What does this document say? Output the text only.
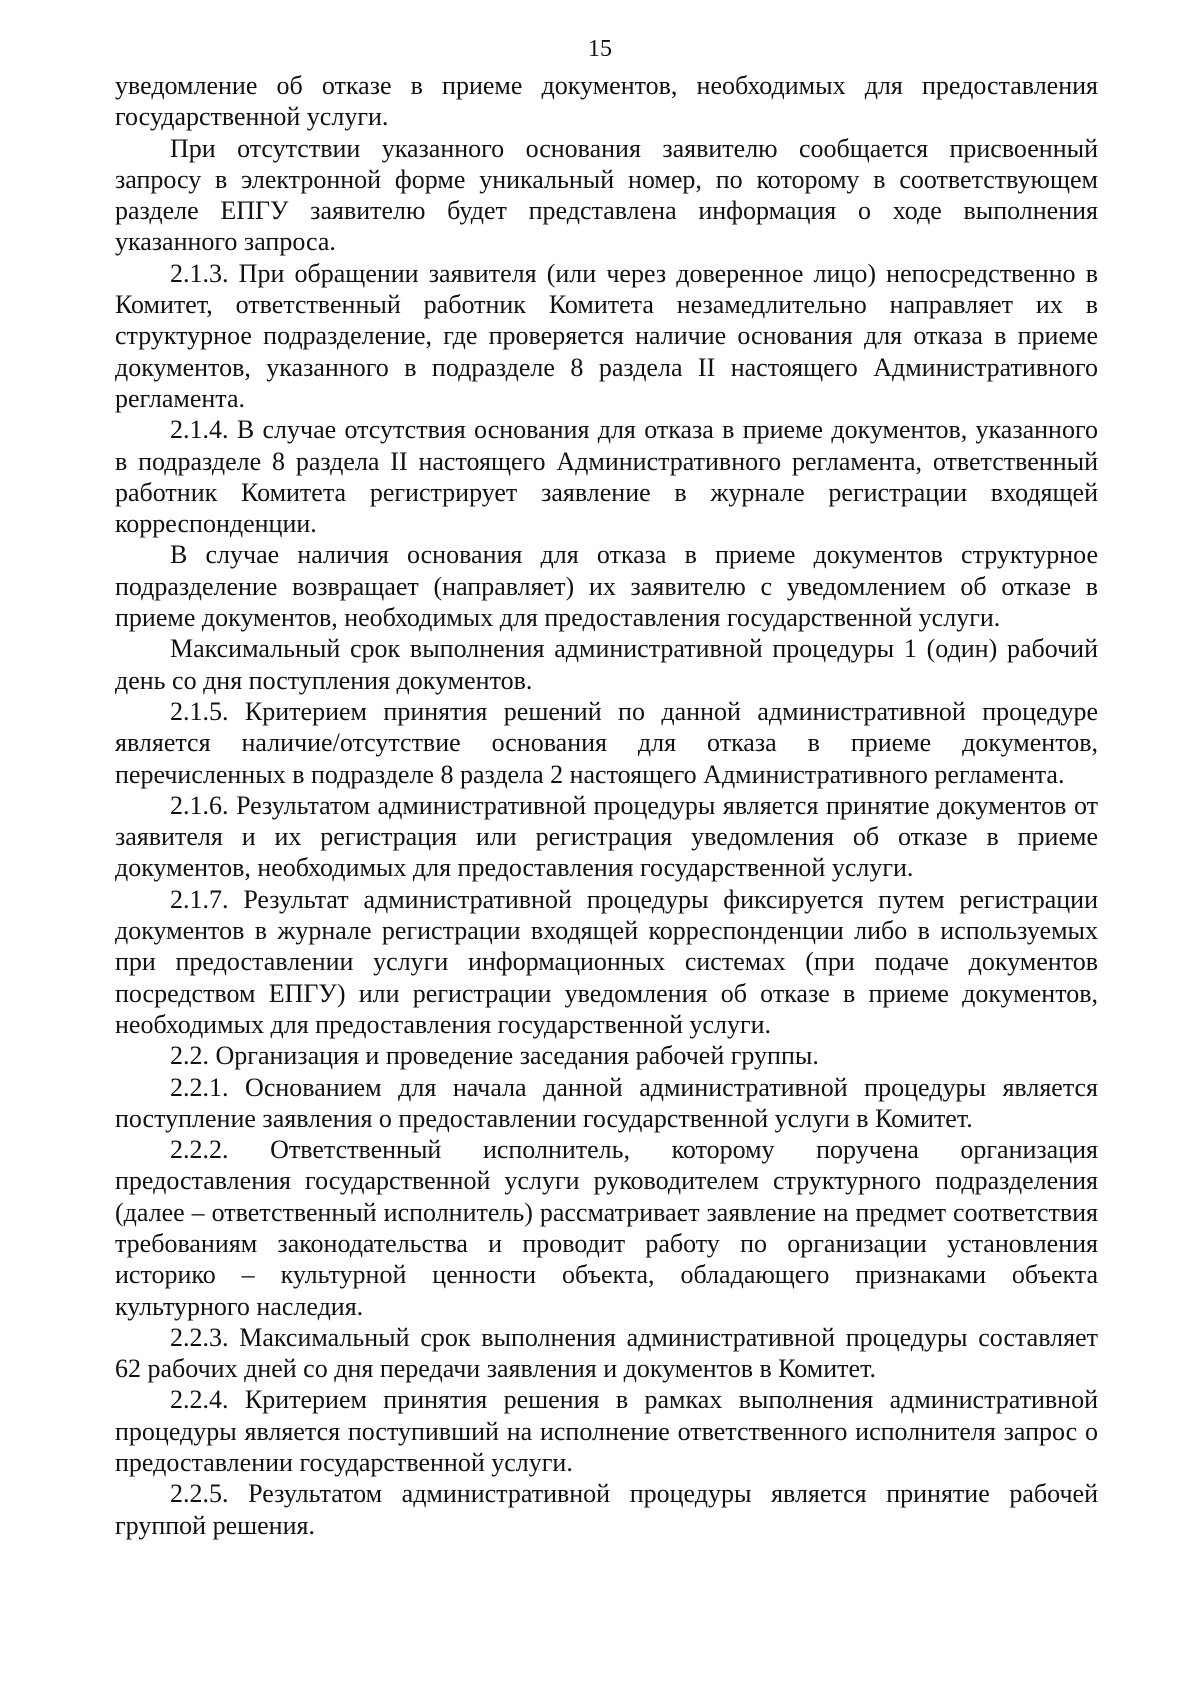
15

уведомление об отказе в приеме документов, необходимых для предоставления государственной услуги.

При отсутствии указанного основания заявителю сообщается присвоенный запросу в электронной форме уникальный номер, по которому в соответствующем разделе ЕПГУ заявителю будет представлена информация о ходе выполнения указанного запроса.

2.1.3. При обращении заявителя (или через доверенное лицо) непосредственно в Комитет, ответственный работник Комитета незамедлительно направляет их в структурное подразделение, где проверяется наличие основания для отказа в приеме документов, указанного в подразделе 8 раздела II настоящего Административного регламента.

2.1.4. В случае отсутствия основания для отказа в приеме документов, указанного в подразделе 8 раздела II настоящего Административного регламента, ответственный работник Комитета регистрирует заявление в журнале регистрации входящей корреспонденции.

В случае наличия основания для отказа в приеме документов структурное подразделение возвращает (направляет) их заявителю с уведомлением об отказе в приеме документов, необходимых для предоставления государственной услуги.

Максимальный срок выполнения административной процедуры 1 (один) рабочий день со дня поступления документов.

2.1.5. Критерием принятия решений по данной административной процедуре является наличие/отсутствие основания для отказа в приеме документов, перечисленных в подразделе 8 раздела 2 настоящего Административного регламента.

2.1.6. Результатом административной процедуры является принятие документов от заявителя и их регистрация или регистрация уведомления об отказе в приеме документов, необходимых для предоставления государственной услуги.

2.1.7. Результат административной процедуры фиксируется путем регистрации документов в журнале регистрации входящей корреспонденции либо в используемых при предоставлении услуги информационных системах (при подаче документов посредством ЕПГУ) или регистрации уведомления об отказе в приеме документов, необходимых для предоставления государственной услуги.

2.2. Организация и проведение заседания рабочей группы.

2.2.1. Основанием для начала данной административной процедуры является поступление заявления о предоставлении государственной услуги в Комитет.

2.2.2. Ответственный исполнитель, которому поручена организация предоставления государственной услуги руководителем структурного подразделения (далее – ответственный исполнитель) рассматривает заявление на предмет соответствия требованиям законодательства и проводит работу по организации установления историко – культурной ценности объекта, обладающего признаками объекта культурного наследия.

2.2.3. Максимальный срок выполнения административной процедуры составляет 62 рабочих дней со дня передачи заявления и документов в Комитет.

2.2.4. Критерием принятия решения в рамках выполнения административной процедуры является поступивший на исполнение ответственного исполнителя запрос о предоставлении государственной услуги.

2.2.5. Результатом административной процедуры является принятие рабочей группой решения.
